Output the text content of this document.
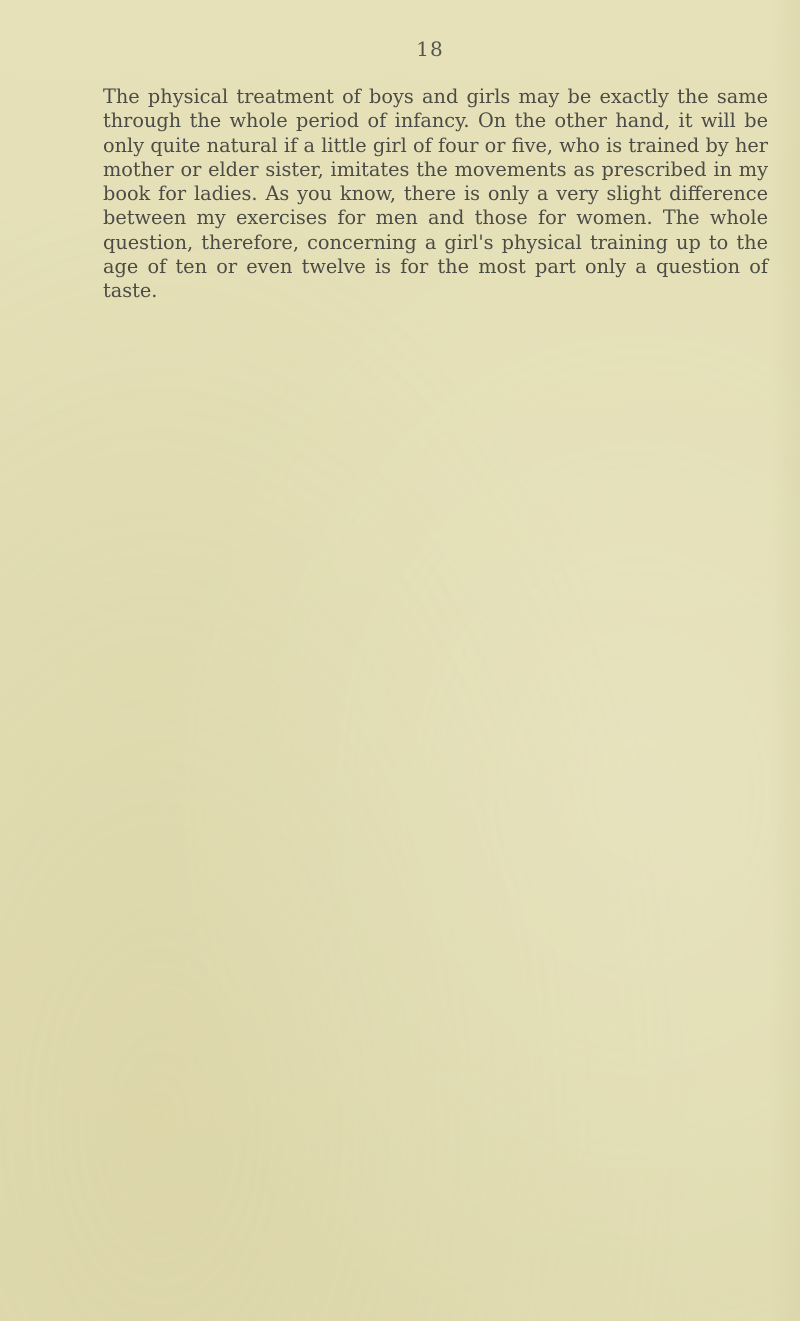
18

The physical treatment of boys and girls may be exactly the same through the whole period of infancy. On the other hand, it will be only quite natural if a little girl of four or five, who is trained by her mother or elder sister, imitates the movements as prescribed in my book for ladies. As you know, there is only a very slight difference between my exercises for men and those for women. The whole question, therefore, concerning a girl's physical training up to the age of ten or even twelve is for the most part only a question of taste.
